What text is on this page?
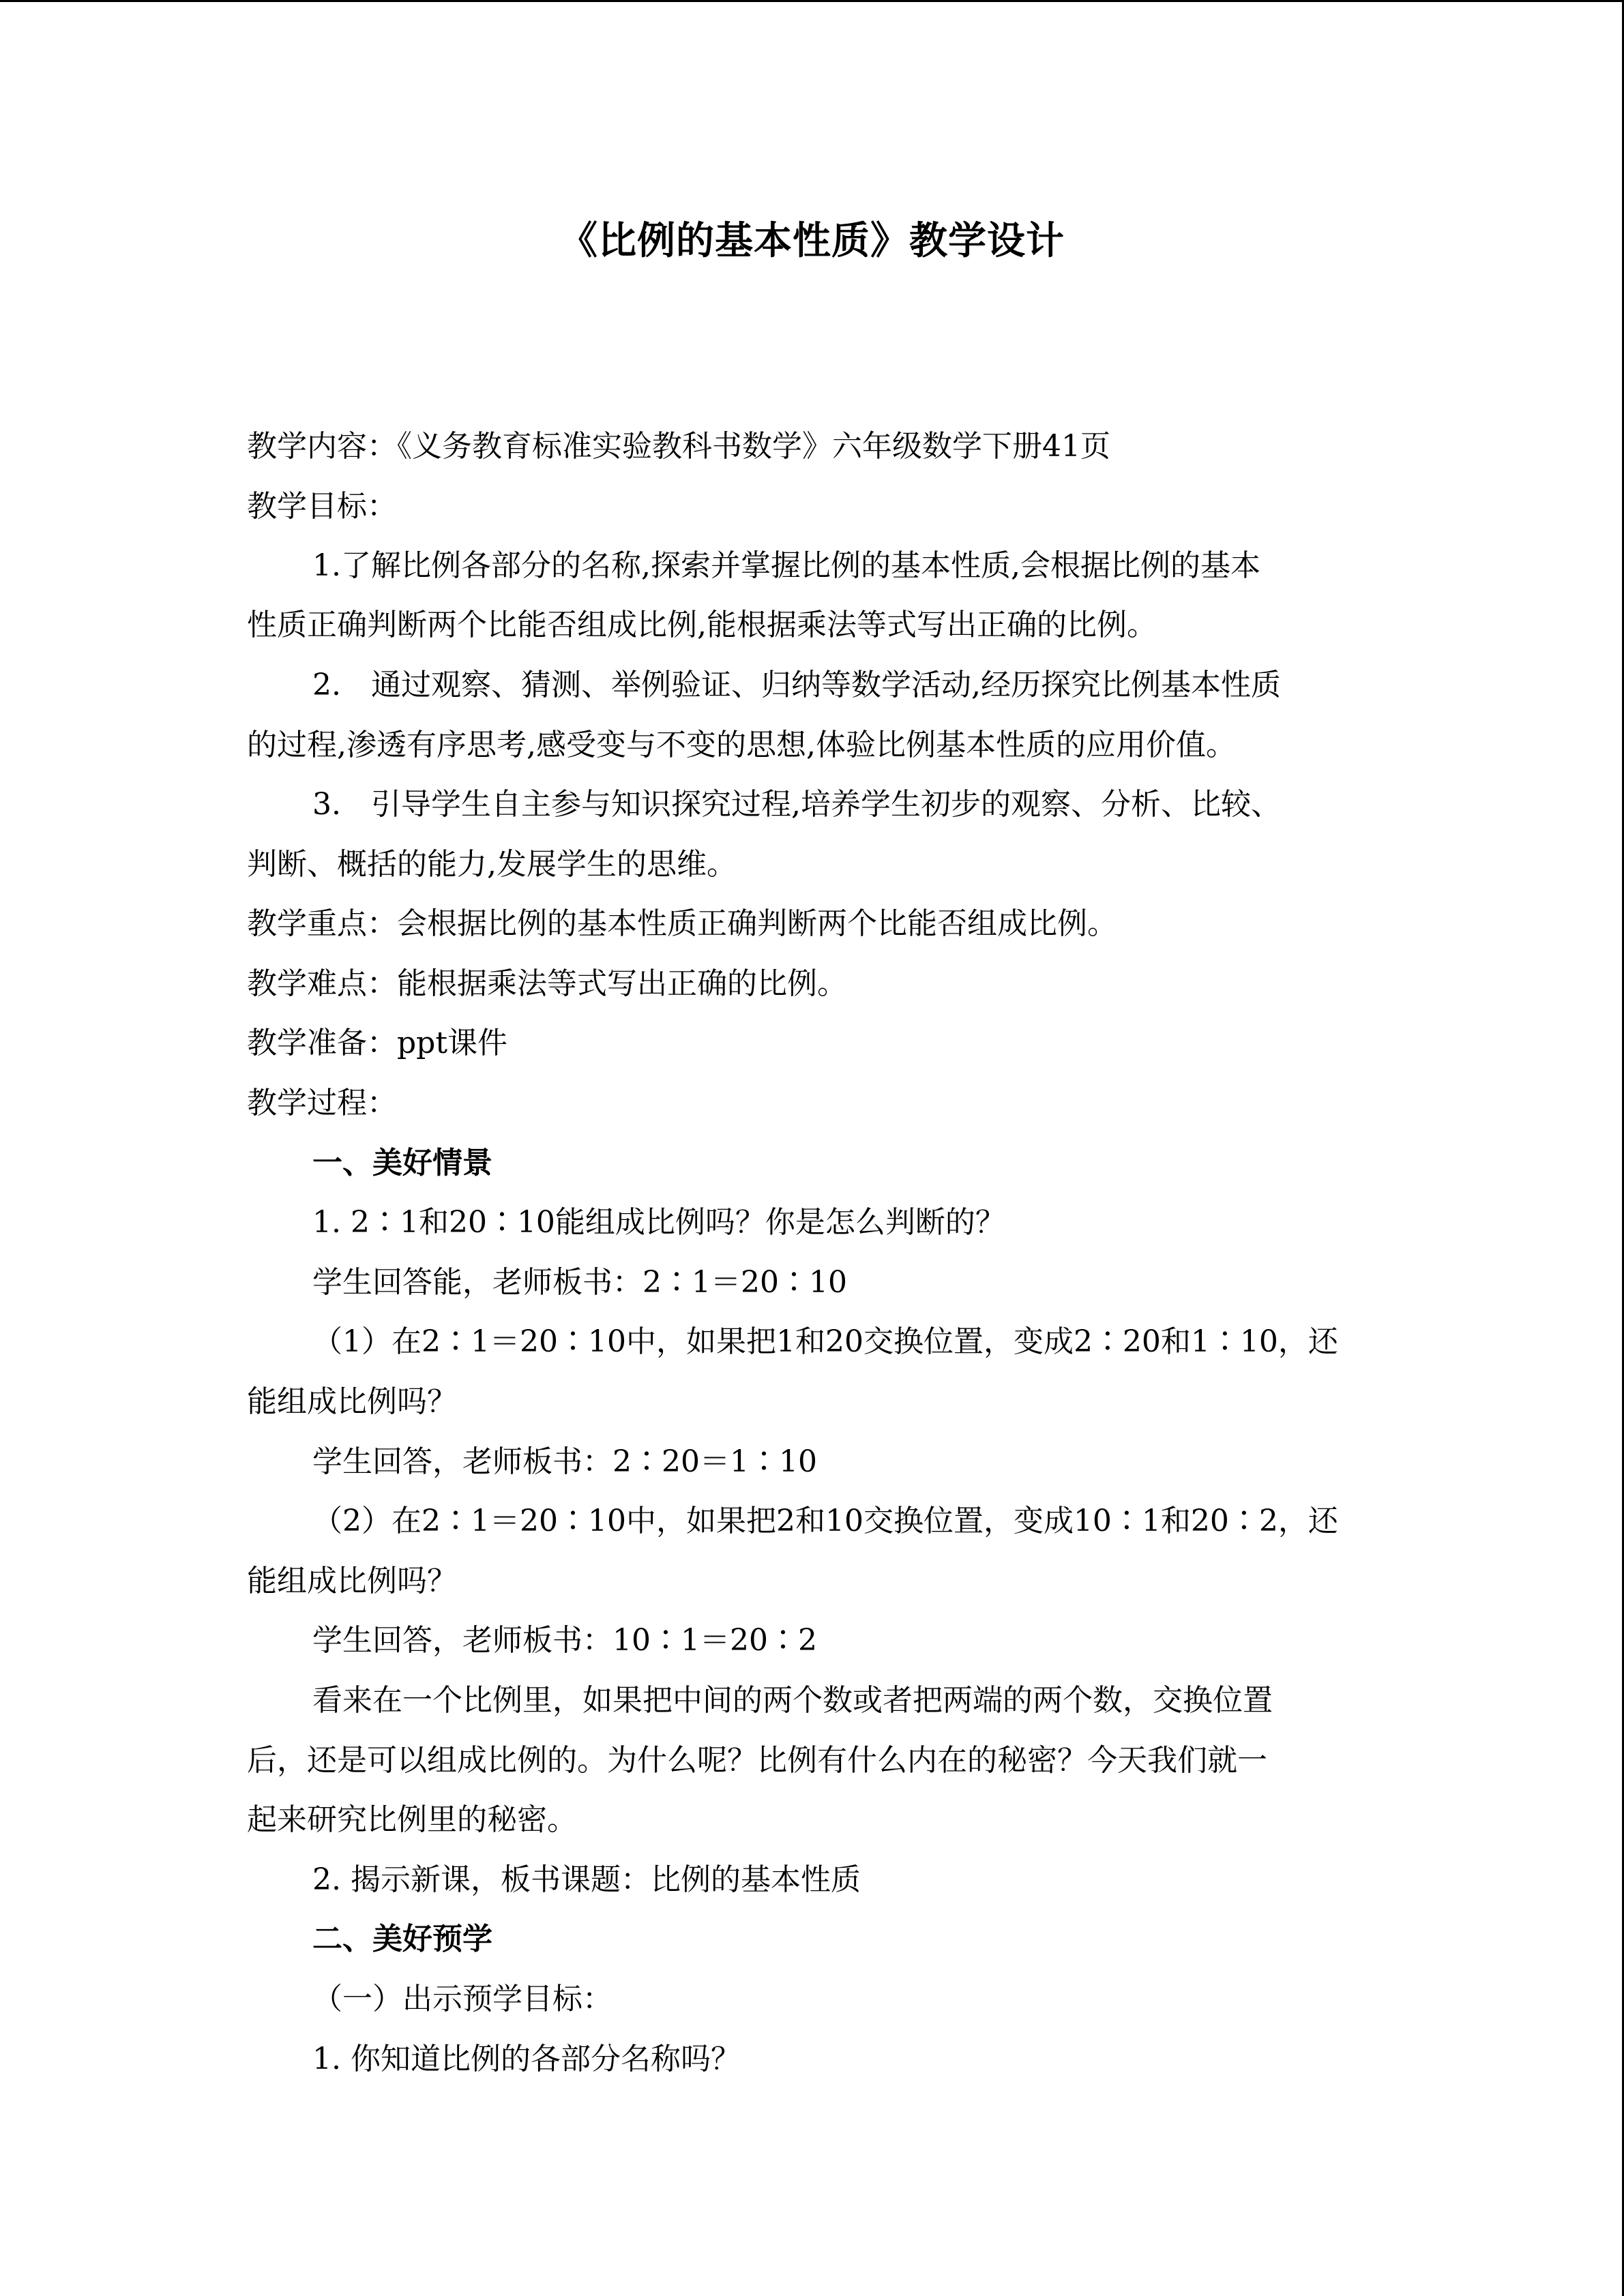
《比例的基本性质》教学设计
教学内容：《义务教育标准实验教科书数学》六年级数学下册41页
教学目标：
1.了解比例各部分的名称,探索并掌握比例的基本性质,会根据比例的基本
性质正确判断两个比能否组成比例,能根据乘法等式写出正确的比例。
2.　通过观察、猜测、举例验证、归纳等数学活动,经历探究比例基本性质
的过程,渗透有序思考,感受变与不变的思想,体验比例基本性质的应用价值。
3.　引导学生自主参与知识探究过程,培养学生初步的观察、分析、比较、
判断、概括的能力,发展学生的思维。
教学重点：会根据比例的基本性质正确判断两个比能否组成比例。
教学难点：能根据乘法等式写出正确的比例。
教学准备：ppt课件
教学过程：
一、美好情景
1. 2∶1和20∶10能组成比例吗？你是怎么判断的？
学生回答能，老师板书：2∶1＝20∶10
（1）在2∶1＝20∶10中，如果把1和20交换位置，变成2∶20和1∶10，还
能组成比例吗？
学生回答，老师板书：2∶20＝1∶10
（2）在2∶1＝20∶10中，如果把2和10交换位置，变成10∶1和20∶2，还
能组成比例吗？
学生回答，老师板书：10∶1＝20∶2
看来在一个比例里，如果把中间的两个数或者把两端的两个数，交换位置
后，还是可以组成比例的。为什么呢？比例有什么内在的秘密？今天我们就一
起来研究比例里的秘密。
2. 揭示新课，板书课题：比例的基本性质
二、美好预学
（一）出示预学目标：
1. 你知道比例的各部分名称吗？
